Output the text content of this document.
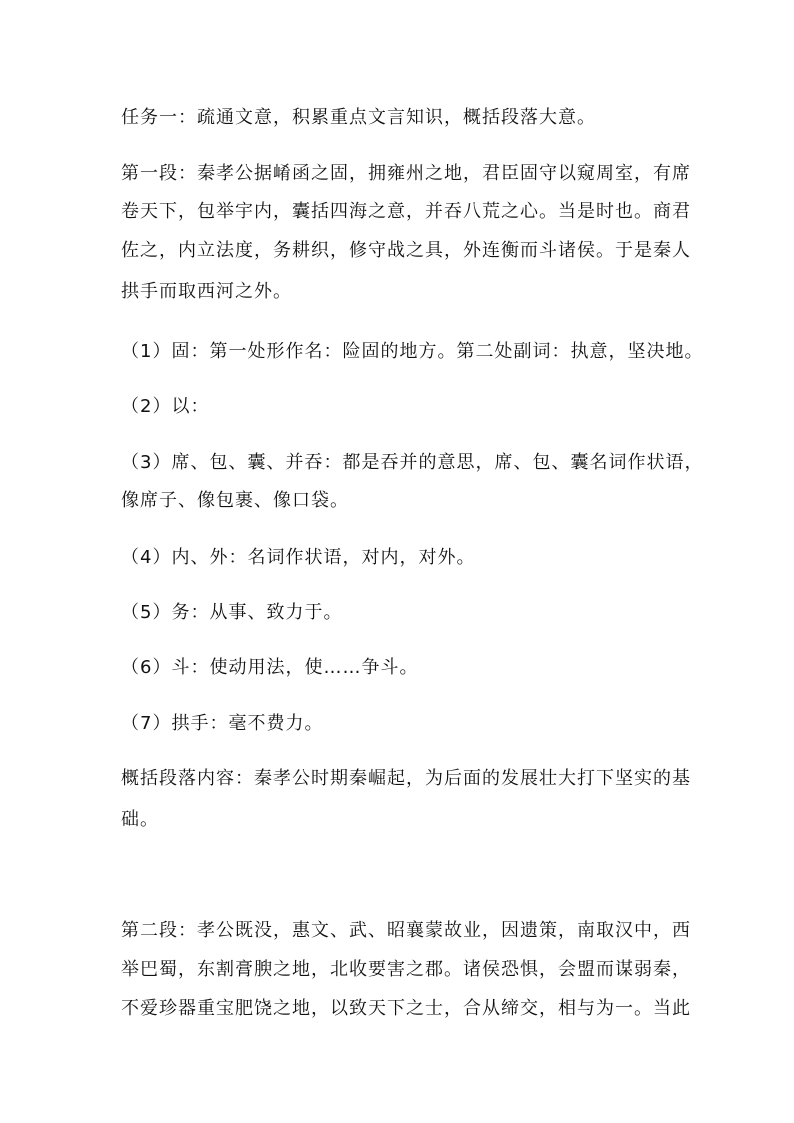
任务一：疏通文意，积累重点文言知识，概括段落大意。
第一段：秦孝公据崤函之固，拥雍州之地，君臣固守以窥周室，有席
卷天下，包举宇内，囊括四海之意，并吞八荒之心。当是时也。商君
佐之，内立法度，务耕织，修守战之具，外连衡而斗诸侯。于是秦人
拱手而取西河之外。
（1）固：第一处形作名：险固的地方。第二处副词：执意，坚决地。
（2）以：
（3）席、包、囊、并吞：都是吞并的意思，席、包、囊名词作状语，
像席子、像包裹、像口袋。
（4）内、外：名词作状语，对内，对外。
（5）务：从事、致力于。
（6）斗：使动用法，使……争斗。
（7）拱手：毫不费力。
概括段落内容：秦孝公时期秦崛起，为后面的发展壮大打下坚实的基
础。
第二段：孝公既没，惠文、武、昭襄蒙故业，因遗策，南取汉中，西
举巴蜀，东割膏腴之地，北收要害之郡。诸侯恐惧，会盟而谋弱秦，
不爱珍器重宝肥饶之地，以致天下之士，合从缔交，相与为一。当此
